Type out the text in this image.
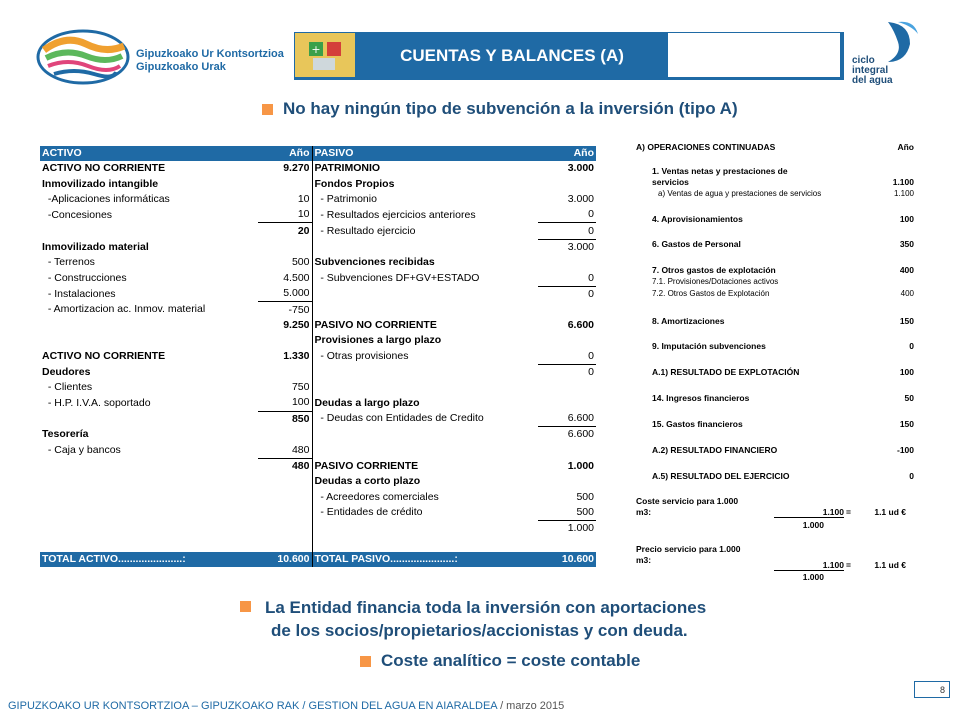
Gipuzkoako Ur Kontsortzioa
Gipuzkoako Urak
+	CUENTAS Y BALANCES (A)	ciclo
integral
del agua
No hay ningún tipo de subvención a la inversión (tipo A)
ACTIVO	Año	PASIVO	Año
ACTIVO NO CORRIENTE	9.270	PATRIMONIO	3.000
Inmovilizado intangible		Fondos Propios	
-Aplicaciones informáticas	10	- Patrimonio	3.000
-Concesiones	10	- Resultados ejercicios anteriores	0
	20	- Resultado ejercicio	0
Inmovilizado material			3.000
- Terrenos	500	Subvenciones recibidas	
- Construcciones	4.500	- Subvenciones DF+GV+ESTADO	0
- Instalaciones	5.000		0
- Amortizacion ac. Inmov. material	-750		
	9.250	PASIVO NO CORRIENTE	6.600
		Provisiones a largo plazo	
ACTIVO NO CORRIENTE	1.330	- Otras provisiones	0
Deudores			0
- Clientes	750		
- H.P. I.V.A. soportado	100	Deudas a largo plazo	
	850	- Deudas con Entidades de Credito	6.600
Tesorería			6.600
- Caja y bancos	480		
	480	PASIVO CORRIENTE	1.000
		Deudas a corto plazo	
		- Acreedores comerciales	500
		- Entidades de crédito	500
			1.000

TOTAL ACTIVO......................:	10.600	TOTAL PASIVO......................:	10.600
A) OPERACIONES CONTINUADAS	Año
1. Ventas netas y prestaciones de
servicios	1.100
a) Ventas de agua y prestaciones de servicios	1.100
4. Aprovisionamientos	100
6. Gastos de Personal	350
7. Otros gastos de explotación	400
7.1. Provisiones/Dotaciones activos
7.2. Otros Gastos de Explotación	400
8. Amortizaciones	150
9. Imputación subvenciones	0
A.1) RESULTADO DE EXPLOTACIÓN	100
14. Ingresos financieros	50
15. Gastos financieros	150
A.2) RESULTADO FINANCIERO	-100
A.5) RESULTADO DEL EJERCICIO	0
Coste servicio para 1.000
m3:	1.100 =	1.1 ud €
1.000
Precio servicio para 1.000
m3:	1.100 =	1.1 ud €
1.000
La Entidad financia toda la inversión con aportaciones
de los socios/propietarios/accionistas y con deuda.
Coste analítico = coste contable
GIPUZKOAKO UR KONTSORTZIOA – GIPUZKOAKO RAK / GESTION DEL AGUA EN AIARALDEA / marzo 2015
8
